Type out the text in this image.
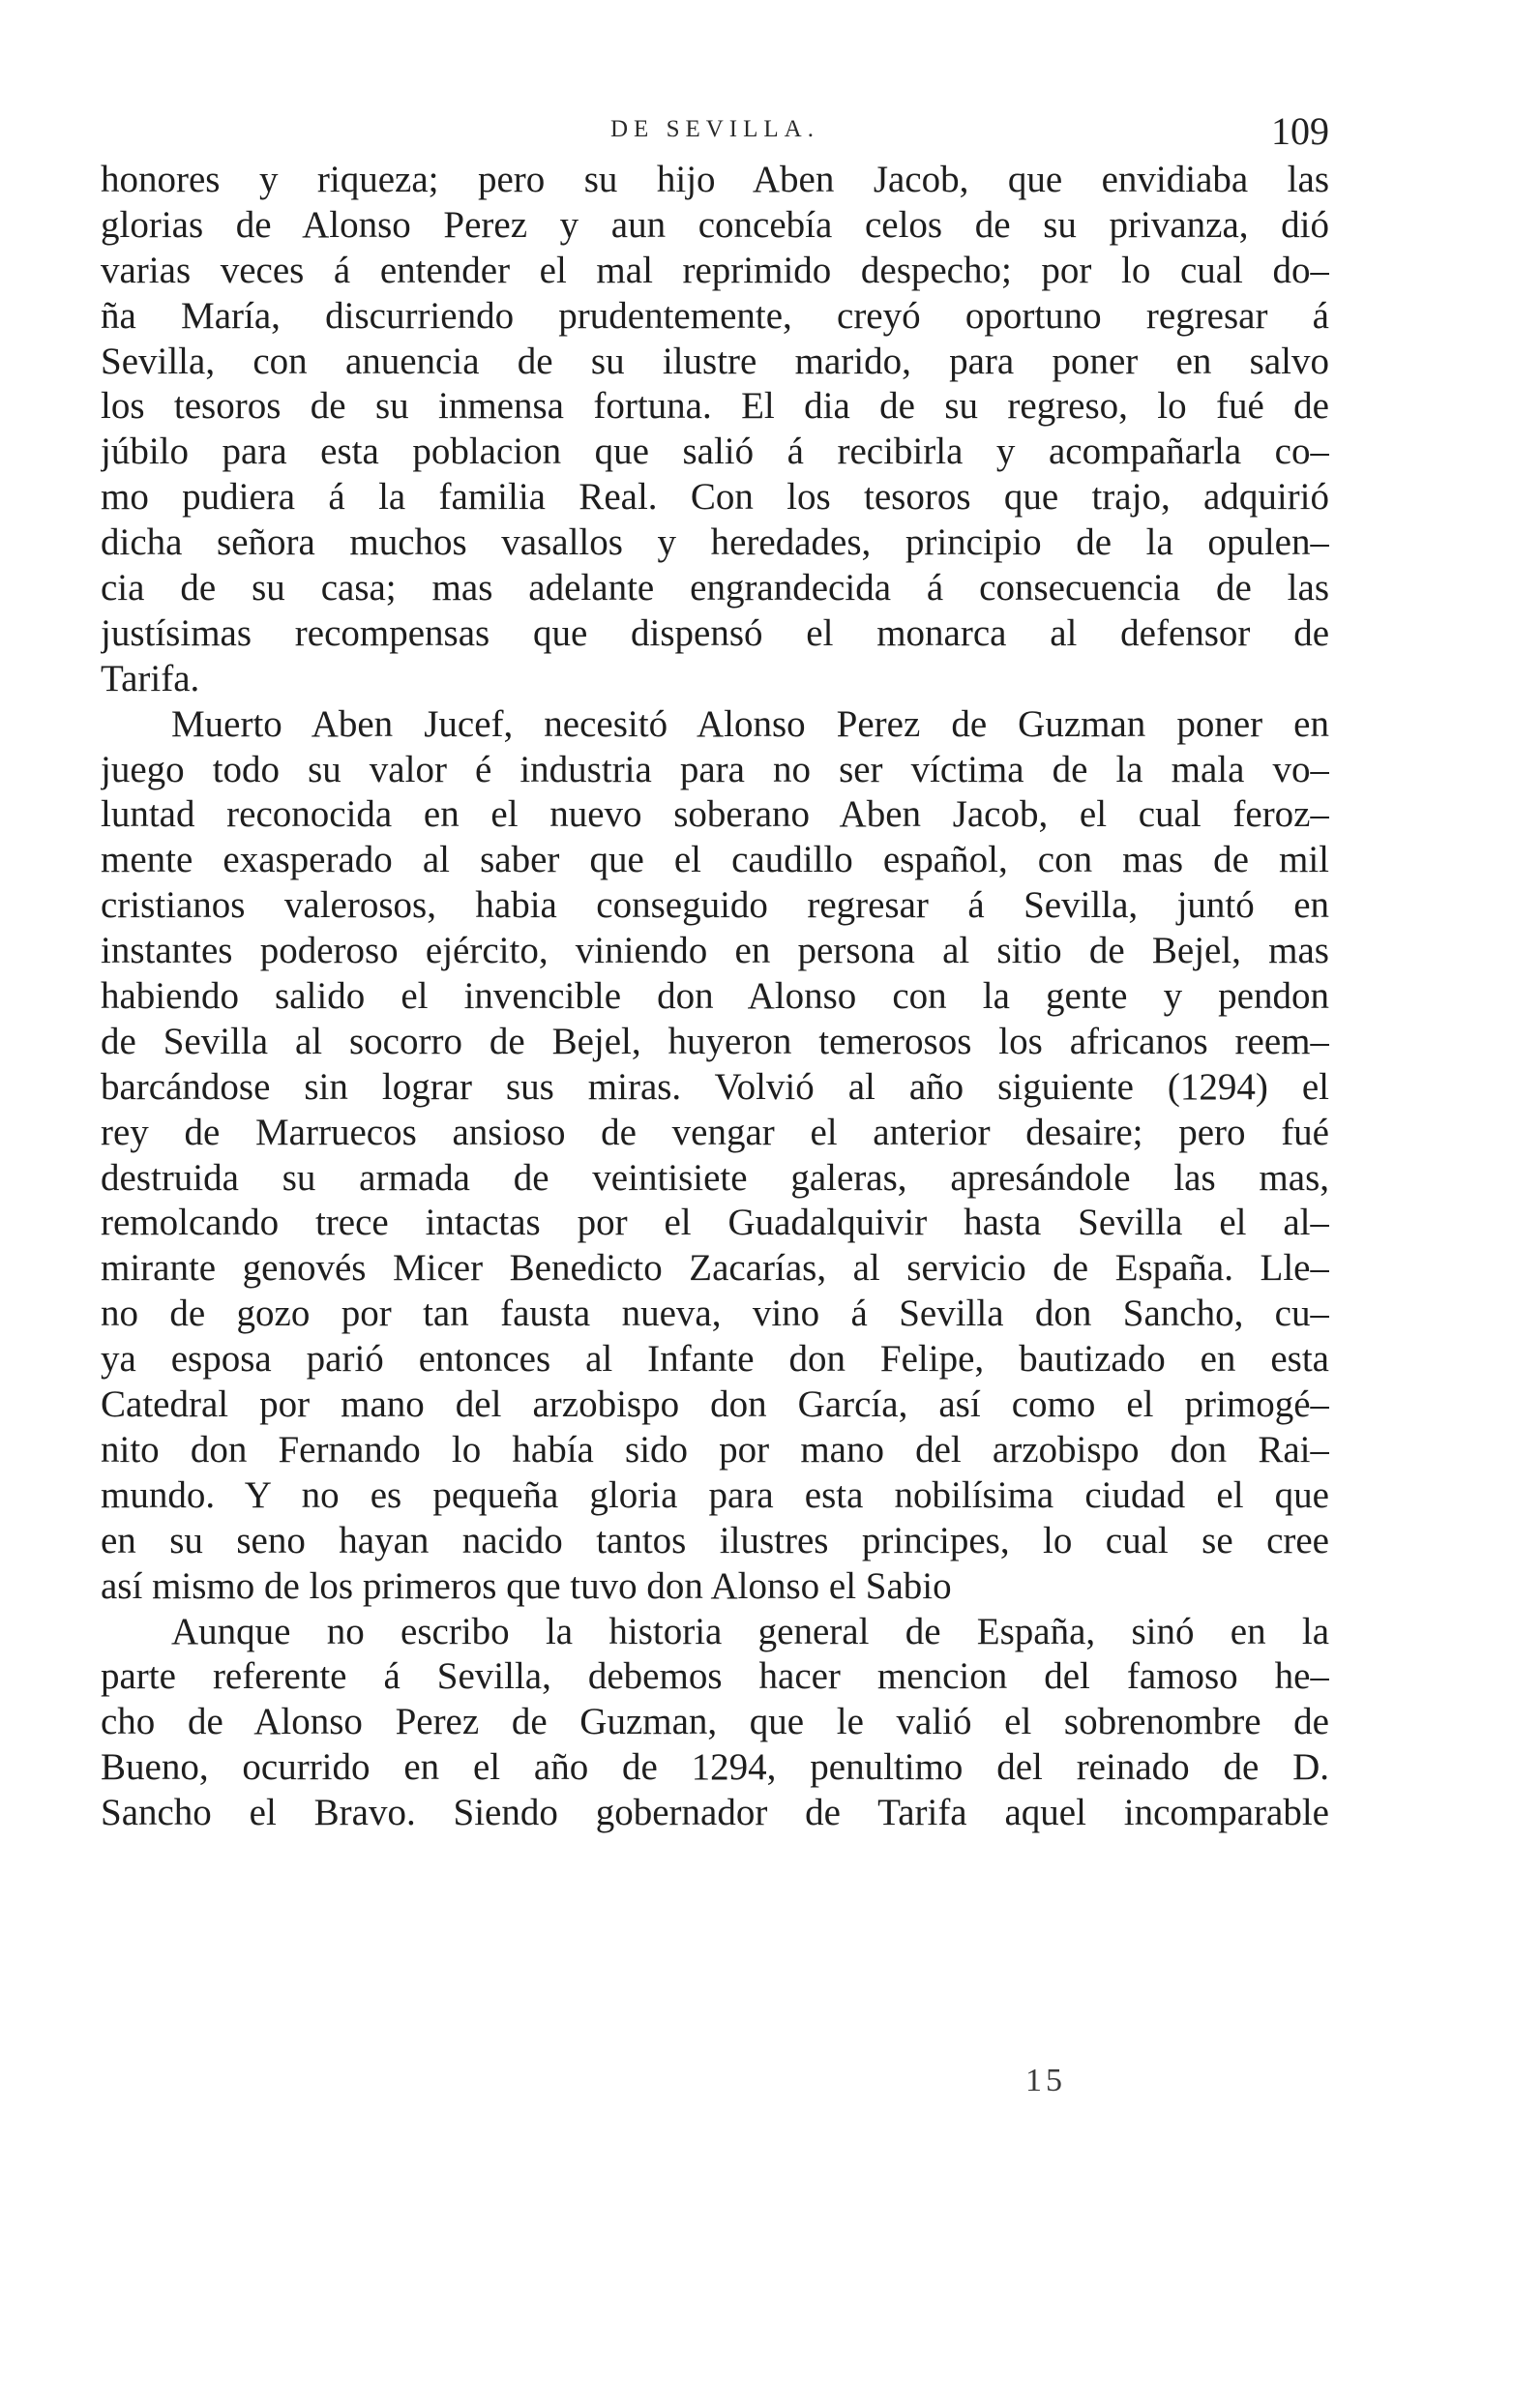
DE SEVILLA.	109
honores y riqueza; pero su hijo Aben Jacob, que envidiaba las
glorias de Alonso Perez y aun concebía celos de su privanza, dió
varias veces á entender el mal reprimido despecho; por lo cual do–
ña María, discurriendo prudentemente, creyó oportuno regresar á
Sevilla, con anuencia de su ilustre marido, para poner en salvo
los tesoros de su inmensa fortuna. El dia de su regreso, lo fué de
júbilo para esta poblacion que salió á recibirla y acompañarla co–
mo pudiera á la familia Real. Con los tesoros que trajo, adquirió
dicha señora muchos vasallos y heredades, principio de la opulen–
cia de su casa; mas adelante engrandecida á consecuencia de las
justísimas recompensas que dispensó el monarca al defensor de
Tarifa.
Muerto Aben Jucef, necesitó Alonso Perez de Guzman poner en
juego todo su valor é industria para no ser víctima de la mala vo–
luntad reconocida en el nuevo soberano Aben Jacob, el cual feroz–
mente exasperado al saber que el caudillo español, con mas de mil
cristianos valerosos, habia conseguido regresar á Sevilla, juntó en
instantes poderoso ejército, viniendo en persona al sitio de Bejel, mas
habiendo salido el invencible don Alonso con la gente y pendon
de Sevilla al socorro de Bejel, huyeron temerosos los africanos reem–
barcándose sin lograr sus miras. Volvió al año siguiente (1294) el
rey de Marruecos ansioso de vengar el anterior desaire; pero fué
destruida su armada de veintisiete galeras, apresándole las mas,
remolcando trece intactas por el Guadalquivir hasta Sevilla el al–
mirante genovés Micer Benedicto Zacarías, al servicio de España. Lle–
no de gozo por tan fausta nueva, vino á Sevilla don Sancho, cu–
ya esposa parió entonces al Infante don Felipe, bautizado en esta
Catedral por mano del arzobispo don García, así como el primogé–
nito don Fernando lo había sido por mano del arzobispo don Rai–
mundo. Y no es pequeña gloria para esta nobilísima ciudad el que
en su seno hayan nacido tantos ilustres principes, lo cual se cree
así mismo de los primeros que tuvo don Alonso el Sabio
Aunque no escribo la historia general de España, sinó en la
parte referente á Sevilla, debemos hacer mencion del famoso he–
cho de Alonso Perez de Guzman, que le valió el sobrenombre de
Bueno, ocurrido en el año de 1294, penultimo del reinado de D.
Sancho el Bravo. Siendo gobernador de Tarifa aquel incomparable
15
